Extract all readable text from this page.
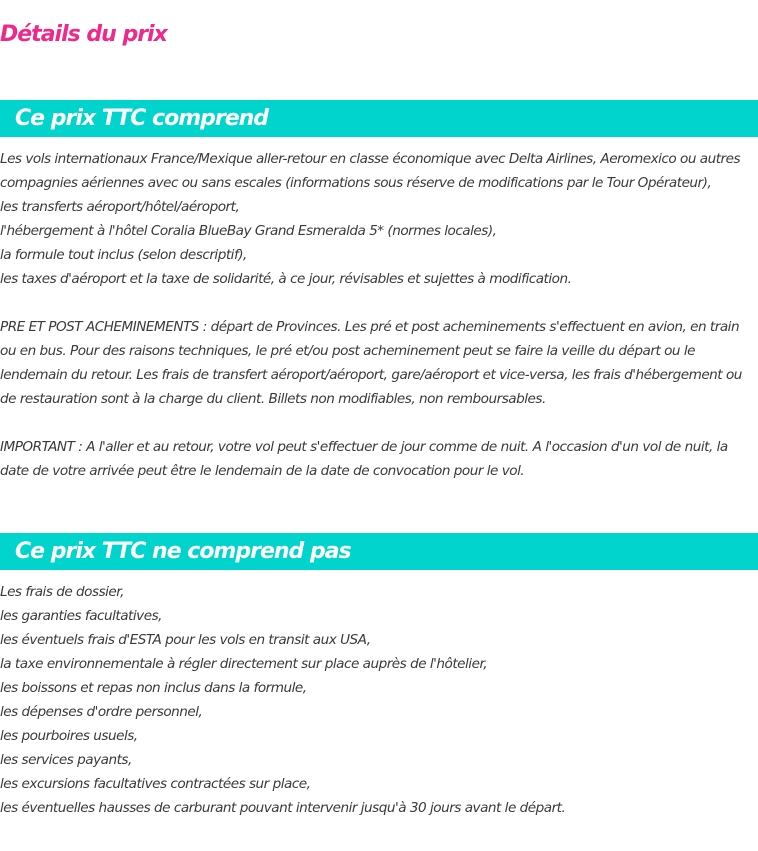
Détails du prix
Ce prix TTC comprend

Les vols internationaux France/Mexique aller-retour en classe économique avec Delta Airlines, Aeromexico ou autres compagnies aériennes avec ou sans escales (informations sous réserve de modifications par le Tour Opérateur),

les transferts aéroport/hôtel/aéroport,

l'hébergement à l'hôtel Coralia BlueBay Grand Esmeralda 5* (normes locales),

la formule tout inclus (selon descriptif),

les taxes d'aéroport et la taxe de solidarité, à ce jour, révisables et sujettes à modification.

PRE ET POST ACHEMINEMENTS : départ de Provinces. Les pré et post acheminements s'effectuent en avion, en train ou en bus. Pour des raisons techniques, le pré et/ou post acheminement peut se faire la veille du départ ou le lendemain du retour. Les frais de transfert aéroport/aéroport, gare/aéroport et vice-versa, les frais d'hébergement ou de restauration sont à la charge du client. Billets non modifiables, non remboursables.

IMPORTANT : A l'aller et au retour, votre vol peut s'effectuer de jour comme de nuit. A l'occasion d'un vol de nuit, la date de votre arrivée peut être le lendemain de la date de convocation pour le vol.

Ce prix TTC ne comprend pas

Les frais de dossier,

les garanties facultatives,

les éventuels frais d'ESTA pour les vols en transit aux USA,

la taxe environnementale à régler directement sur place auprès de l'hôtelier,

les boissons et repas non inclus dans la formule,

les dépenses d'ordre personnel,

les pourboires usuels,

les services payants,

les excursions facultatives contractées sur place,

les éventuelles hausses de carburant pouvant intervenir jusqu'à 30 jours avant le départ.
